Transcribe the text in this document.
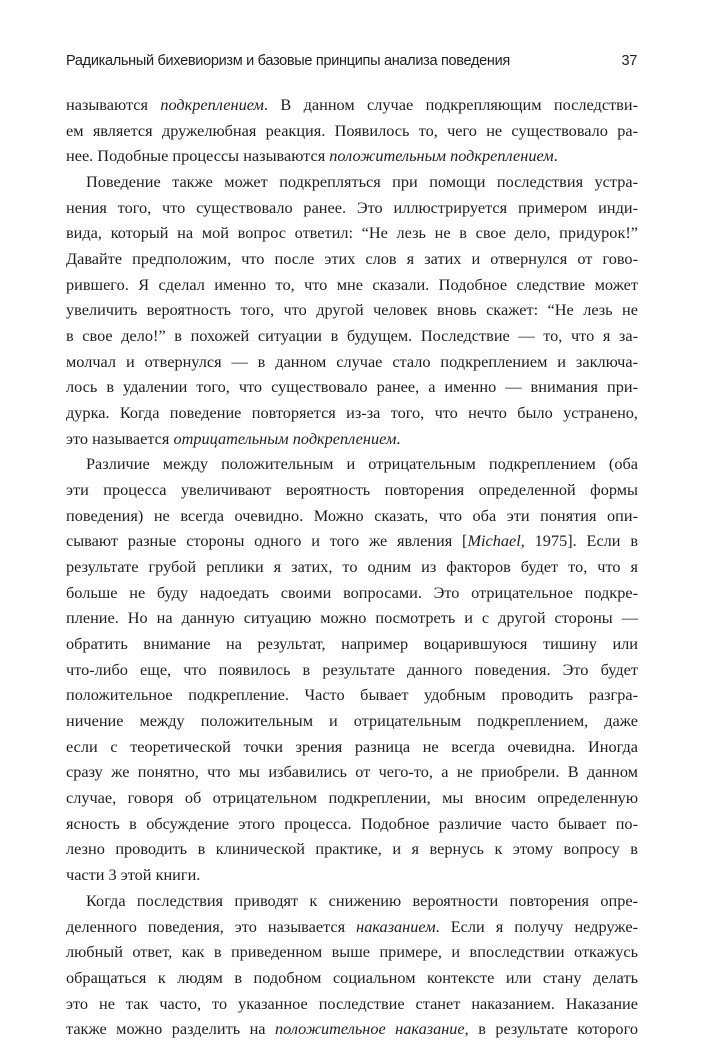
Радикальный бихевиоризм и базовые принципы анализа поведения	37
называются подкреплением. В данном случае подкрепляющим последстви-
ем является дружелюбная реакция. Появилось то, чего не существовало ра-
нее. Подобные процессы называются положительным подкреплением.
Поведение также может подкрепляться при помощи последствия устра-
нения того, что существовало ранее. Это иллюстрируется примером инди-
вида, который на мой вопрос ответил: “Не лезь не в свое дело, придурок!”
Давайте предположим, что после этих слов я затих и отвернулся от гово-
рившего. Я сделал именно то, что мне сказали. Подобное следствие может
увеличить вероятность того, что другой человек вновь скажет: “Не лезь не
в свое дело!” в похожей ситуации в будущем. Последствие — то, что я за-
молчал и отвернулся — в данном случае стало подкреплением и заключа-
лось в удалении того, что существовало ранее, а именно — внимания при-
дурка. Когда поведение повторяется из-за того, что нечто было устранено,
это называется отрицательным подкреплением.
Различие между положительным и отрицательным подкреплением (оба
эти процесса увеличивают вероятность повторения определенной формы
поведения) не всегда очевидно. Можно сказать, что оба эти понятия опи-
сывают разные стороны одного и того же явления [Michael, 1975]. Если в
результате грубой реплики я затих, то одним из факторов будет то, что я
больше не буду надоедать своими вопросами. Это отрицательное подкре-
пление. Но на данную ситуацию можно посмотреть и с другой стороны —
обратить внимание на результат, например воцарившуюся тишину или
что-либо еще, что появилось в результате данного поведения. Это будет
положительное подкрепление. Часто бывает удобным проводить разгра-
ничение между положительным и отрицательным подкреплением, даже
если с теоретической точки зрения разница не всегда очевидна. Иногда
сразу же понятно, что мы избавились от чего-то, а не приобрели. В данном
случае, говоря об отрицательном подкреплении, мы вносим определенную
ясность в обсуждение этого процесса. Подобное различие часто бывает по-
лезно проводить в клинической практике, и я вернусь к этому вопросу в
части 3 этой книги.
Когда последствия приводят к снижению вероятности повторения опре-
деленного поведения, это называется наказанием. Если я получу недруже-
любный ответ, как в приведенном выше примере, и впоследствии откажусь
обращаться к людям в подобном социальном контексте или стану делать
это не так часто, то указанное последствие станет наказанием. Наказание
также можно разделить на положительное наказание, в результате которого
